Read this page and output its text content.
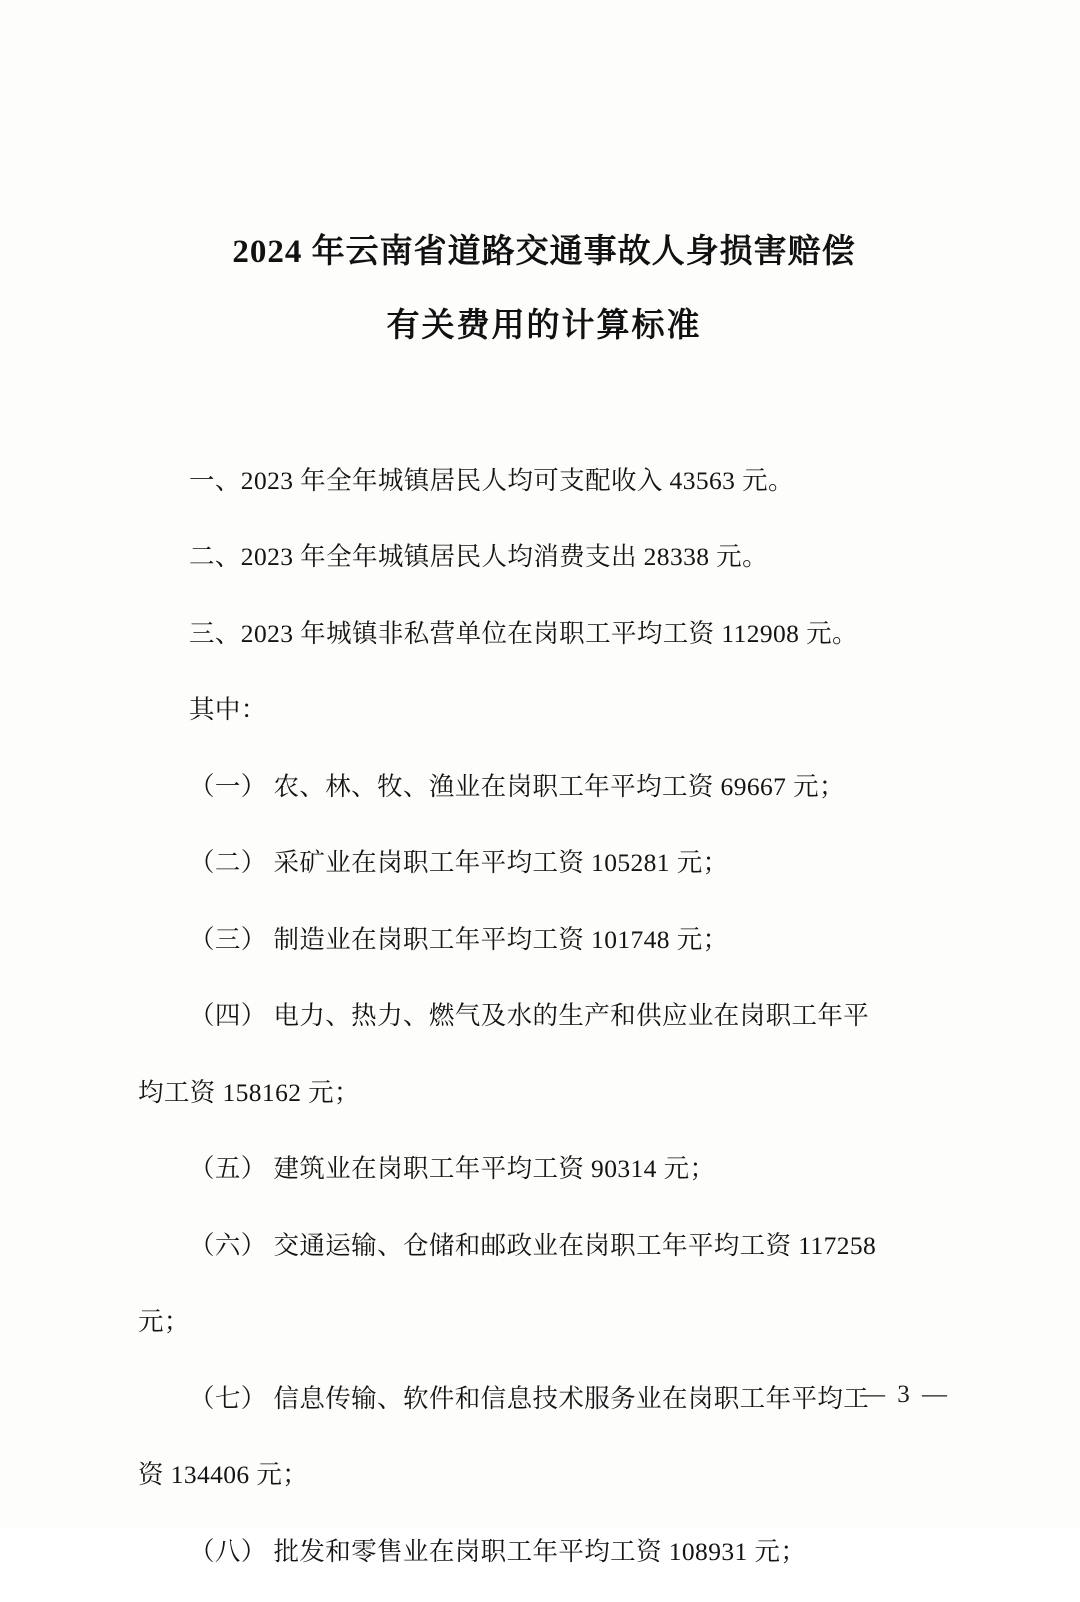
2024 年云南省道路交通事故人身损害赔偿
有关费用的计算标准

一、2023 年全年城镇居民人均可支配收入 43563 元。

二、2023 年全年城镇居民人均消费支出 28338 元。

三、2023 年城镇非私营单位在岗职工平均工资 112908 元。

其中：

（一） 农、林、牧、渔业在岗职工年平均工资 69667 元；

（二） 采矿业在岗职工年平均工资 105281 元；

（三） 制造业在岗职工年平均工资 101748 元；

（四） 电力、热力、燃气及水的生产和供应业在岗职工年平

均工资 158162 元；

（五） 建筑业在岗职工年平均工资 90314 元；

（六） 交通运输、仓储和邮政业在岗职工年平均工资 117258

元；

（七） 信息传输、软件和信息技术服务业在岗职工年平均工

资 134406 元；

（八） 批发和零售业在岗职工年平均工资 108931 元；

— 3 —
